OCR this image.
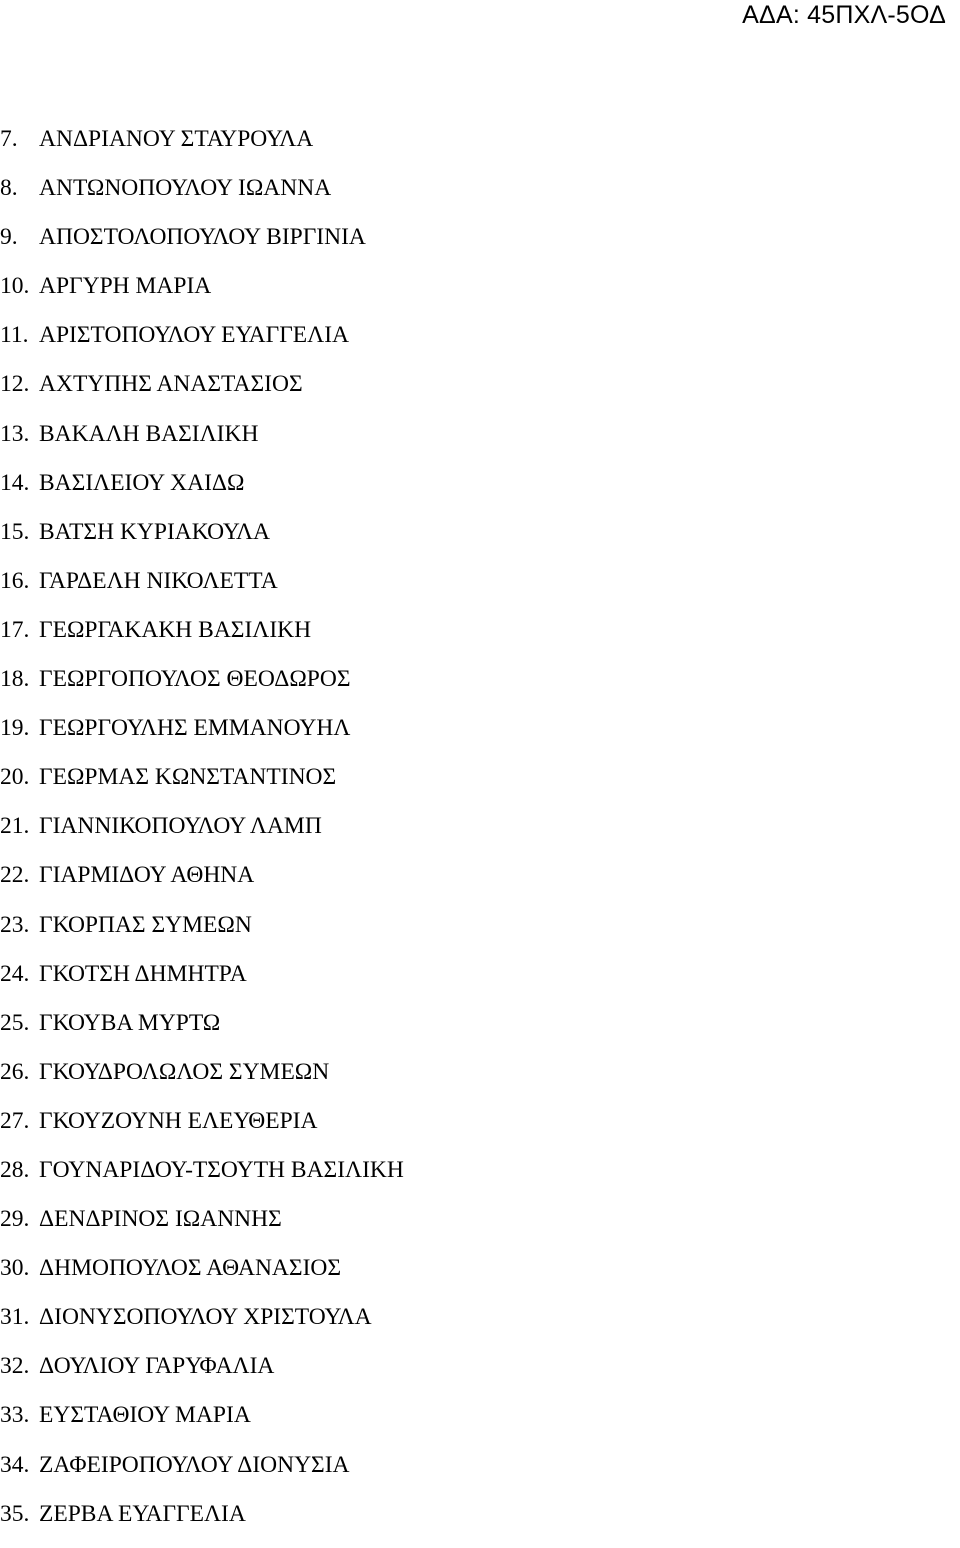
ΑΔΑ: 45ΠΧΛ-5ΟΔ
7. ΑΝΔΡΙΑΝΟΥ ΣΤΑΥΡΟΥΛΑ
8. ΑΝΤΩΝΟΠΟΥΛΟΥ ΙΩΑΝΝΑ
9. ΑΠΟΣΤΟΛΟΠΟΥΛΟΥ ΒΙΡΓΙΝΙΑ
10. ΑΡΓΥΡΗ ΜΑΡΙΑ
11. ΑΡΙΣΤΟΠΟΥΛΟΥ ΕΥΑΓΓΕΛΙΑ
12. ΑΧΤΥΠΗΣ ΑΝΑΣΤΑΣΙΟΣ
13. ΒΑΚΑΛΗ ΒΑΣΙΛΙΚΗ
14. ΒΑΣΙΛΕΙΟΥ ΧΑΙΔΩ
15. ΒΑΤΣΗ ΚΥΡΙΑΚΟΥΛΑ
16. ΓΑΡΔΕΛΗ ΝΙΚΟΛΕΤΤΑ
17. ΓΕΩΡΓΑΚΑΚΗ ΒΑΣΙΛΙΚΗ
18. ΓΕΩΡΓΟΠΟΥΛΟΣ ΘΕΟΔΩΡΟΣ
19. ΓΕΩΡΓΟΥΛΗΣ ΕΜΜΑΝΟΥΗΛ
20. ΓΕΩΡΜΑΣ ΚΩΝΣΤΑΝΤΙΝΟΣ
21. ΓΙΑΝΝΙΚΟΠΟΥΛΟΥ ΛΑΜΠ
22. ΓΙΑΡΜΙΔΟΥ ΑΘΗΝΑ
23. ΓΚΟΡΠΑΣ ΣΥΜΕΩΝ
24. ΓΚΟΤΣΗ ΔΗΜΗΤΡΑ
25. ΓΚΟΥΒΑ ΜΥΡΤΩ
26. ΓΚΟΥΔΡΟΛΩΛΟΣ ΣΥΜΕΩΝ
27. ΓΚΟΥΖΟΥΝΗ ΕΛΕΥΘΕΡΙΑ
28. ΓΟΥΝΑΡΙΔΟΥ-ΤΣΟΥΤΗ ΒΑΣΙΛΙΚΗ
29. ΔΕΝΔΡΙΝΟΣ ΙΩΑΝΝΗΣ
30. ΔΗΜΟΠΟΥΛΟΣ ΑΘΑΝΑΣΙΟΣ
31. ΔΙΟΝΥΣΟΠΟΥΛΟΥ ΧΡΙΣΤΟΥΛΑ
32. ΔΟΥΛΙΟΥ ΓΑΡΥΦΑΛΙΑ
33. ΕΥΣΤΑΘΙΟΥ ΜΑΡΙΑ
34. ΖΑΦΕΙΡΟΠΟΥΛΟΥ ΔΙΟΝΥΣΙΑ
35. ΖΕΡΒΑ ΕΥΑΓΓΕΛΙΑ
